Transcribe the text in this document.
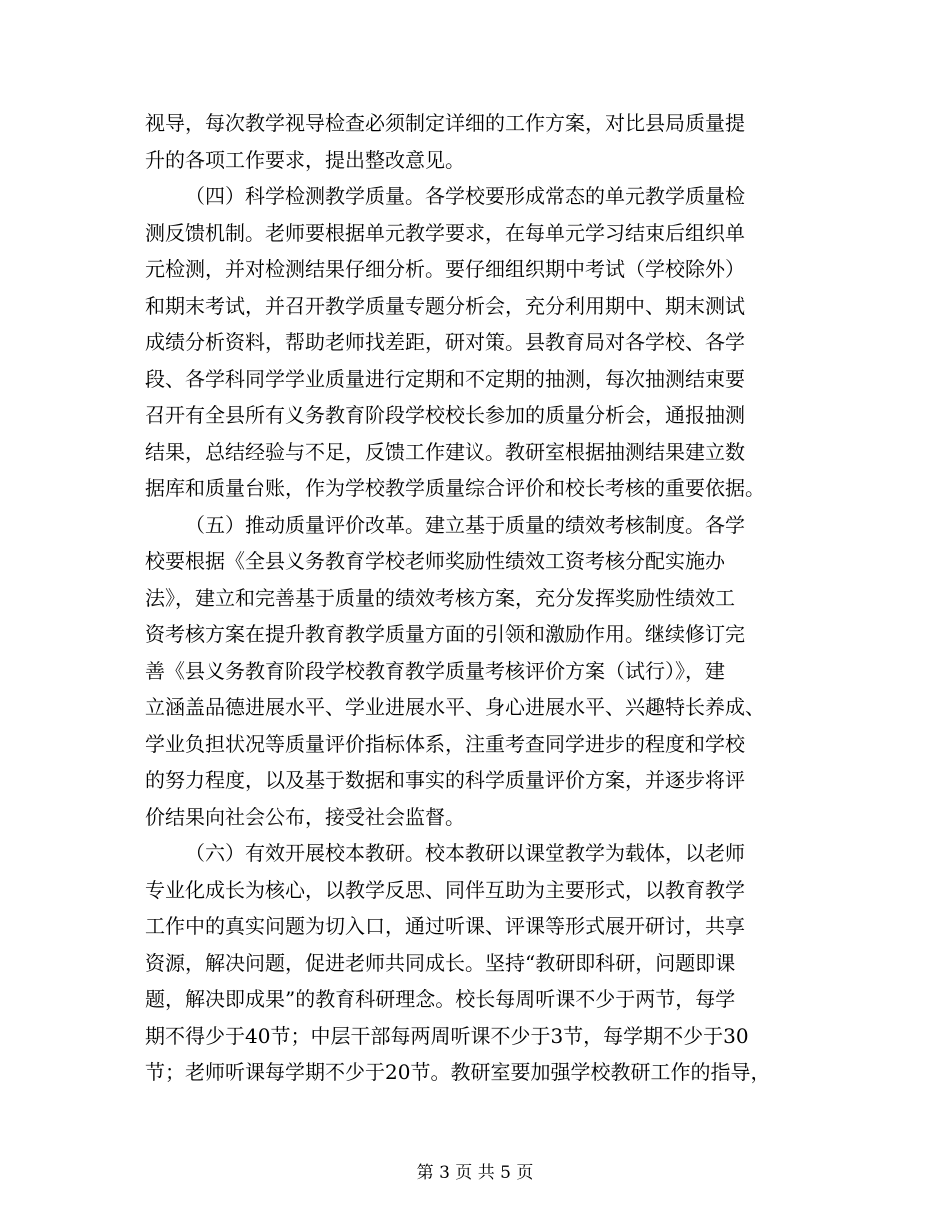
视导，每次教学视导检查必须制定详细的工作方案，对比县局质量提
升的各项工作要求，提出整改意见。
（四）科学检测教学质量。各学校要形成常态的单元教学质量检
测反馈机制。老师要根据单元教学要求，在每单元学习结束后组织单
元检测，并对检测结果仔细分析。要仔细组织期中考试（学校除外）
和期末考试，并召开教学质量专题分析会，充分利用期中、期末测试
成绩分析资料，帮助老师找差距，研对策。县教育局对各学校、各学
段、各学科同学学业质量进行定期和不定期的抽测，每次抽测结束要
召开有全县所有义务教育阶段学校校长参加的质量分析会，通报抽测
结果，总结经验与不足，反馈工作建议。教研室根据抽测结果建立数
据库和质量台账，作为学校教学质量综合评价和校长考核的重要依据。
（五）推动质量评价改革。建立基于质量的绩效考核制度。各学
校要根据《全县义务教育学校老师奖励性绩效工资考核分配实施办
法》，建立和完善基于质量的绩效考核方案，充分发挥奖励性绩效工
资考核方案在提升教育教学质量方面的引领和激励作用。继续修订完
善《县义务教育阶段学校教育教学质量考核评价方案（试行）》，建
立涵盖品德进展水平、学业进展水平、身心进展水平、兴趣特长养成、
学业负担状况等质量评价指标体系，注重考查同学进步的程度和学校
的努力程度，以及基于数据和事实的科学质量评价方案，并逐步将评
价结果向社会公布，接受社会监督。
（六）有效开展校本教研。校本教研以课堂教学为载体，以老师
专业化成长为核心，以教学反思、同伴互助为主要形式，以教育教学
工作中的真实问题为切入口，通过听课、评课等形式展开研讨，共享
资源，解决问题，促进老师共同成长。坚持“教研即科研，问题即课
题，解决即成果”的教育科研理念。校长每周听课不少于两节，每学
期不得少于40节；中层干部每两周听课不少于3节，每学期不少于30
节；老师听课每学期不少于20节。教研室要加强学校教研工作的指导，
第 3 页 共 5 页
